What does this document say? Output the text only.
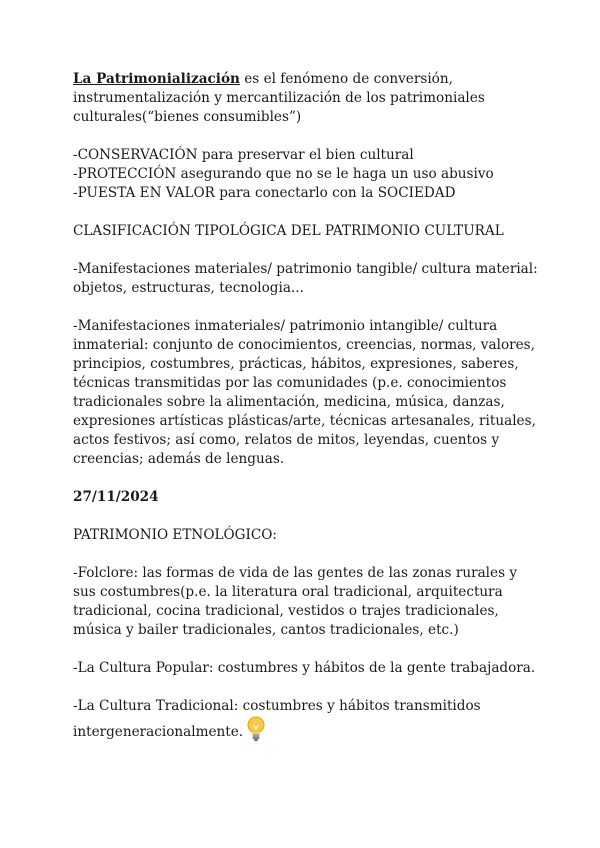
La Patrimonialización es el fenómeno de conversión, instrumentalización y mercantilización de los patrimoniales culturales(“bienes consumibles”)

-CONSERVACIÓN para preservar el bien cultural

-PROTECCIÓN asegurando que no se le haga un uso abusivo

-PUESTA EN VALOR para conectarlo con la SOCIEDAD

CLASIFICACIÓN TIPOLÓGICA DEL PATRIMONIO CULTURAL

-Manifestaciones materiales/ patrimonio tangible/ cultura material: objetos, estructuras, tecnologia...

-Manifestaciones inmateriales/ patrimonio intangible/ cultura inmaterial: conjunto de conocimientos, creencias, normas, valores, principios, costumbres, prácticas, hábitos, expresiones, saberes, técnicas transmitidas por las comunidades (p.e. conocimientos tradicionales sobre la alimentación, medicina, música, danzas, expresiones artísticas plásticas/arte, técnicas artesanales, rituales, actos festivos; así como, relatos de mitos, leyendas, cuentos y creencias; además de lenguas.

27/11/2024

PATRIMONIO ETNOLÓGICO:

-Folclore: las formas de vida de las gentes de las zonas rurales y sus costumbres(p.e. la literatura oral tradicional, arquitectura tradicional, cocina tradicional, vestidos o trajes tradicionales, música y bailer tradicionales, cantos tradicionales, etc.)

-La Cultura Popular: costumbres y hábitos de la gente trabajadora.

-La Cultura Tradicional: costumbres y hábitos transmitidos intergeneracionalmente.
